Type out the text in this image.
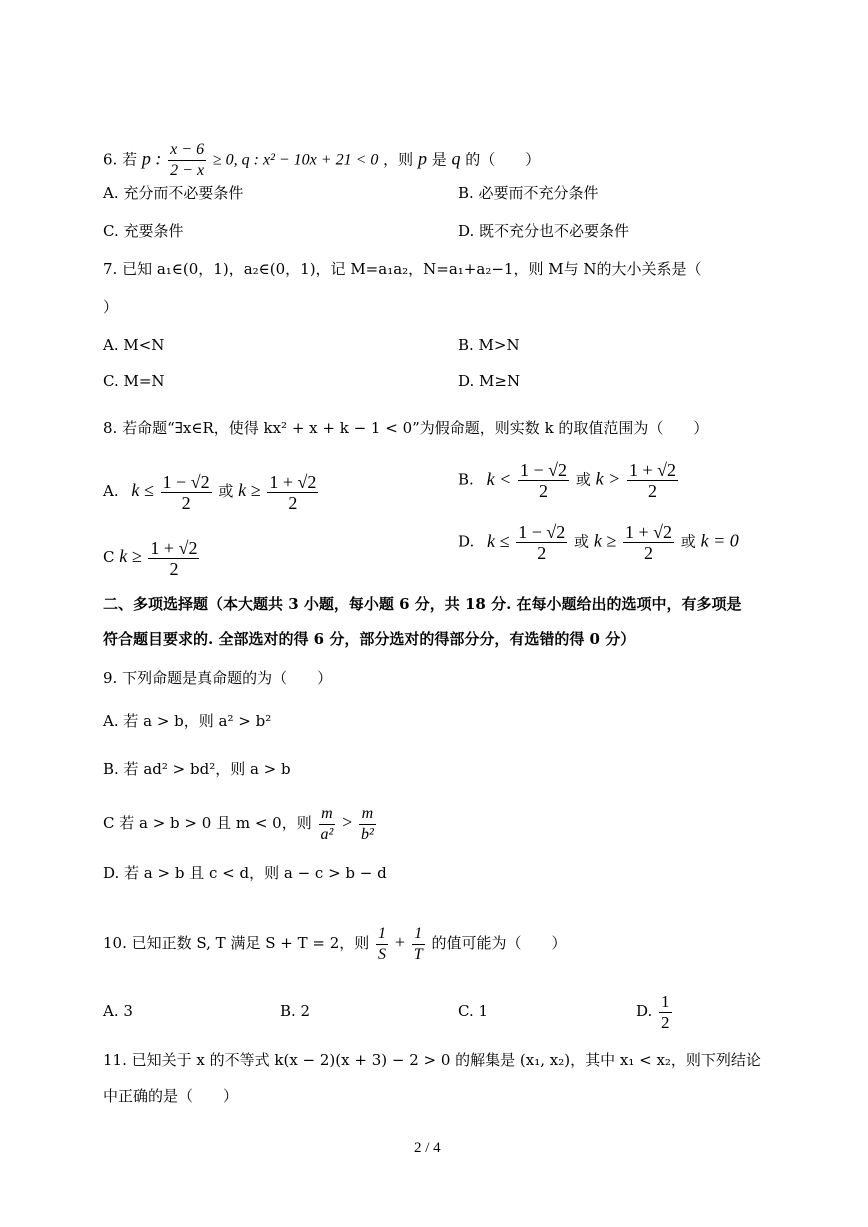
6. 若 p : $\frac{x - 6}{2 - x} \ge 0$, q : x² − 10x + 21 < 0 ，则 p 是 q 的（　　）
A. 充分而不必要条件	B. 必要而不充分条件
C. 充要条件	D. 既不充分也不必要条件
7. 已知 a₁∈(0，1)，a₂∈(0，1)，记 M=a₁a₂，N=a₁+a₂−1，则 M与 N的大小关系是（
）
A. M<N	B. M>N
C. M=N	D. M≥N
8. 若命题“∃x∈R，使得 kx² + x + k − 1 < 0”为假命题，则实数 k 的取值范围为（　　）
A. $k \le \frac{1 - √2}{2}$ 或 $k \ge \frac{1 + √2}{2}$	B. $k < \frac{1 - √2}{2}$ 或 $k > \frac{1 + √2}{2}$
C $k \ge \frac{1 + √2}{2}$	D. $k \le \frac{1 - √2}{2}$ 或 $k \ge \frac{1 + √2}{2}$ 或 k = 0
二、多项选择题（本大题共 3 小题，每小题 6 分，共 18 分. 在每小题给出的选项中，有多项是
符合题目要求的. 全部选对的得 6 分，部分选对的得部分分，有选错的得 0 分）
9. 下列命题是真命题的为（　　）
A. 若 a > b，则 a² > b²
B. 若 ad² > bd²，则 a > b
C 若 a > b > 0 且 m < 0，则 $\frac{m}{\text{a²}} > \frac{m}{\text{b²}}$
D. 若 a > b 且 c < d，则 a − c > b − d
10. 已知正数 S, T 满足 S + T = 2，则 $\frac{1}{S} + \frac{1}{T}$ 的值可能为（　　）
A. 3	B. 2	C. 1	D. $\frac{1}{2}$
11. 已知关于 x 的不等式 k(x − 2)(x + 3) − 2 > 0 的解集是 (x₁, x₂)，其中 x₁ < x₂，则下列结论
中正确的是（　　）
2 / 4
